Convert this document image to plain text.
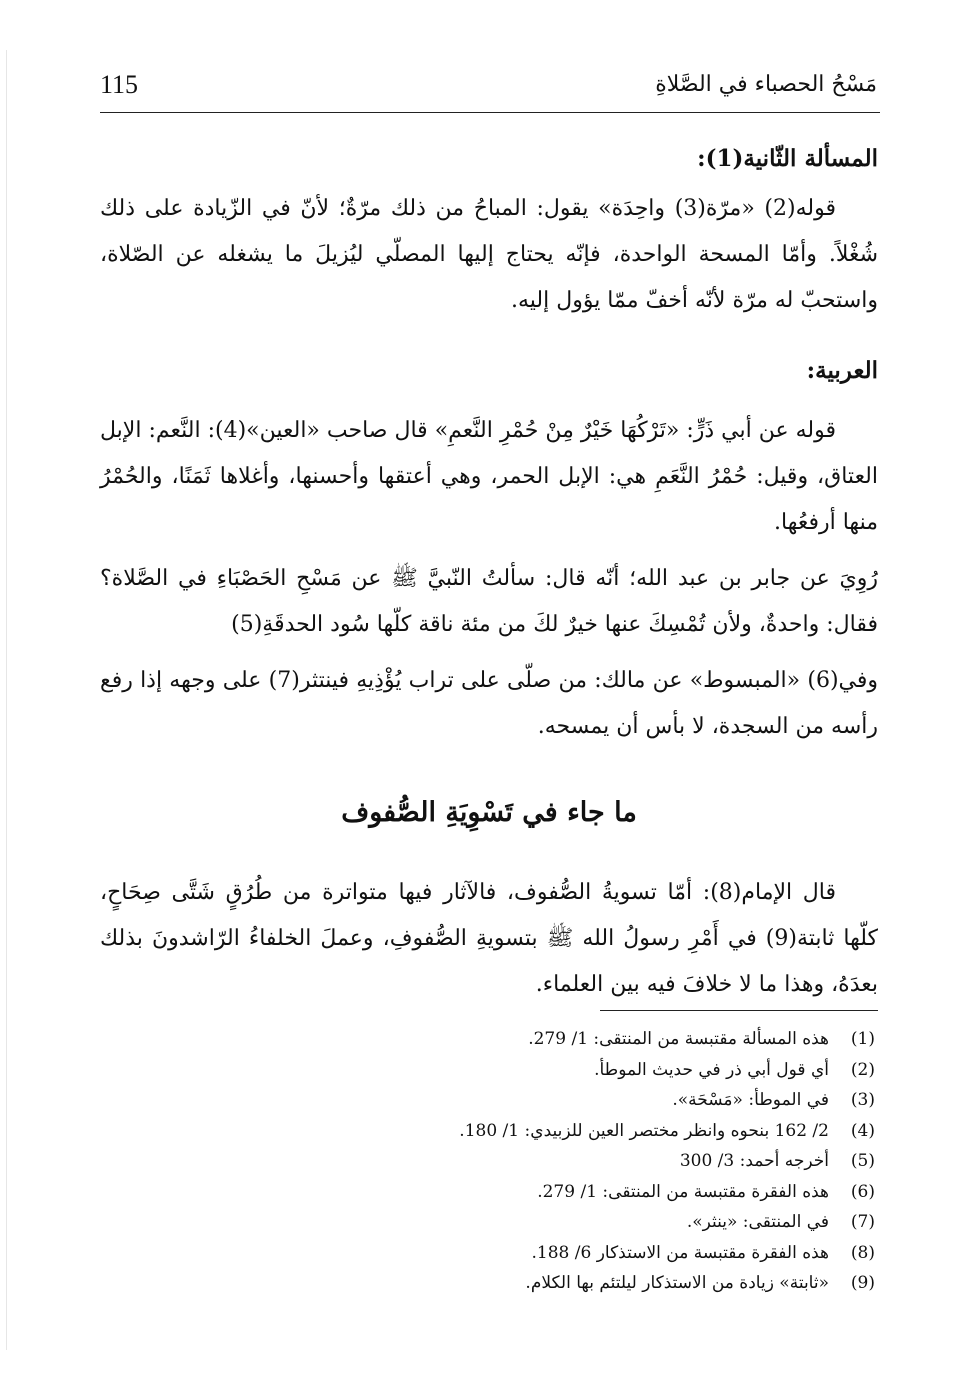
115	مَسْحُ الحصباء في الصَّلاةِ

المسألة الثّانية(1):

قوله(2) «مرّة(3) واحِدَة» يقول: المباحُ من ذلك مرّةٌ؛ لأنّ في الزّيادة على ذلك شُغْلاً. وأمّا المسحة الواحدة، فإنّه يحتاج إليها المصلّي ليُزيلَ ما يشغله عن الصّلاة، واستحبّ له مرّة لأنّه أخفّ ممّا يؤول إليه.

العربية:

قوله عن أبي ذَرٍّ: «تَرْكُهَا خَيْرٌ مِنْ حُمْرِ النَّعمِ» قال صاحب «العين»(4): النَّعم: الإبل العتاق، وقيل: حُمْرُ النَّعَمِ هي: الإبل الحمر، وهي أعتقها وأحسنها، وأغلاها ثَمَنًا، والحُمْرُ منها أرفعُها.

رُوِيَ عن جابر بن عبد الله؛ أنّه قال: سألتُ النّبيَّ ﷺ عن مَسْحِ الحَصْبَاءِ في الصَّلاة؟ فقال: واحدةٌ، ولأن تُمْسِكَ عنها خيرٌ لكَ من مئة ناقة كلّها سُود الحدقَةِ(5)

وفي(6) «المبسوط» عن مالك: من صلّى على تراب يُؤْذِيهِ فينتثر(7) على وجهه إذا رفع رأسه من السجدة، لا بأس أن يمسحه.

ما جاء في تَسْوِيَةِ الصُّفوف

قال الإمام(8): أمّا تسويةُ الصُّفوف، فالآثار فيها متواترة من طُرُقٍ شَتَّى صِحَاحٍ، كلّها ثابتة(9) في أَمْرِ رسولُ الله ﷺ بتسويةِ الصُّفوفِ، وعملَ الخلفاءُ الرّاشدونَ بذلك بعدَهُ، وهذا ما لا خلافَ فيه بين العلماء.

(1)
هذه المسألة مقتبسة من المنتقى: 1/ 279.
(2)
أي قول أبي ذر في حديث الموطأ.
(3)
في الموطأ: «مَسْحَة».
(4)
2/ 162 بنحوه وانظر مختصر العين للزبيدي: 1/ 180.
(5)
أخرجه أحمد: 3/ 300
(6)
هذه الفقرة مقتبسة من المنتقى: 1/ 279.
(7)
في المنتقى: «ينثر».
(8)
هذه الفقرة مقتبسة من الاستذكار 6/ 188.
(9)
«ثابتة» زيادة من الاستذكار ليلتئم بها الكلام.
